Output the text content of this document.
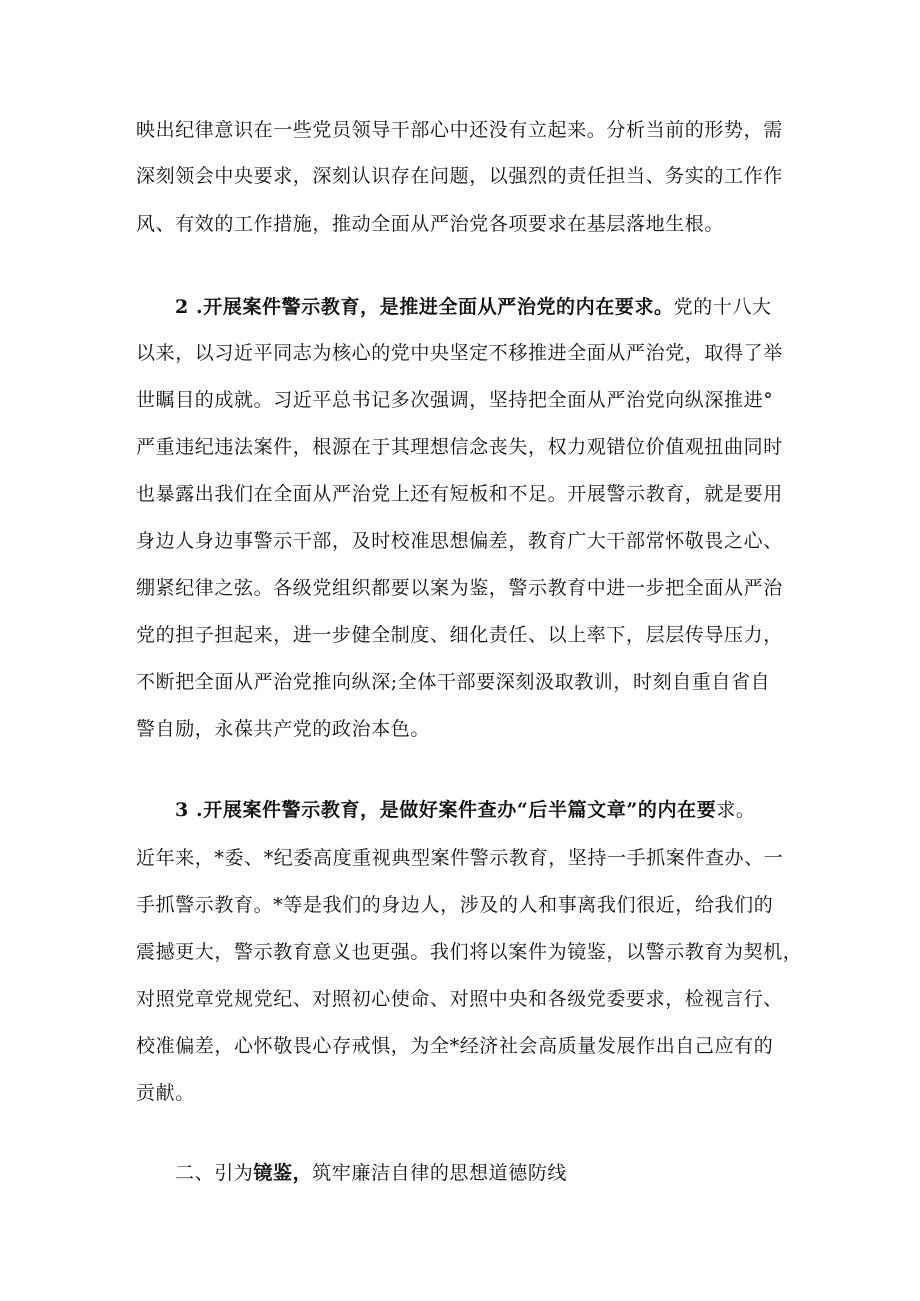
映出纪律意识在一些党员领导干部心中还没有立起来。分析当前的形势，需
深刻领会中央要求，深刻认识存在问题，以强烈的责任担当、务实的工作作
风、有效的工作措施，推动全面从严治党各项要求在基层落地生根。
2 .开展案件警示教育，是推进全面从严治党的内在要求。党的十八大
以来，以习近平同志为核心的党中央坚定不移推进全面从严治党，取得了举
世瞩目的成就。习近平总书记多次强调，坚持把全面从严治党向纵深推进°
严重违纪违法案件，根源在于其理想信念丧失，权力观错位价值观扭曲同时
也暴露出我们在全面从严治党上还有短板和不足。开展警示教育，就是要用
身边人身边事警示干部，及时校准思想偏差，教育广大干部常怀敬畏之心、
绷紧纪律之弦。各级党组织都要以案为鉴，警示教育中进一步把全面从严治
党的担子担起来，进一步健全制度、细化责任、以上率下，层层传导压力，
不断把全面从严治党推向纵深;全体干部要深刻汲取教训，时刻自重自省自
警自励，永葆共产党的政治本色。
3 .开展案件警示教育，是做好案件查办“后半篇文章”的内在要求。
近年来，*委、*纪委高度重视典型案件警示教育，坚持一手抓案件查办、一
手抓警示教育。*等是我们的身边人，涉及的人和事离我们很近，给我们的
震撼更大，警示教育意义也更强。我们将以案件为镜鉴，以警示教育为契机，
对照党章党规党纪、对照初心使命、对照中央和各级党委要求，检视言行、
校准偏差，心怀敬畏心存戒惧，为全*经济社会高质量发展作出自己应有的
贡献。
二、引为镜鉴，筑牢廉洁自律的思想道德防线
